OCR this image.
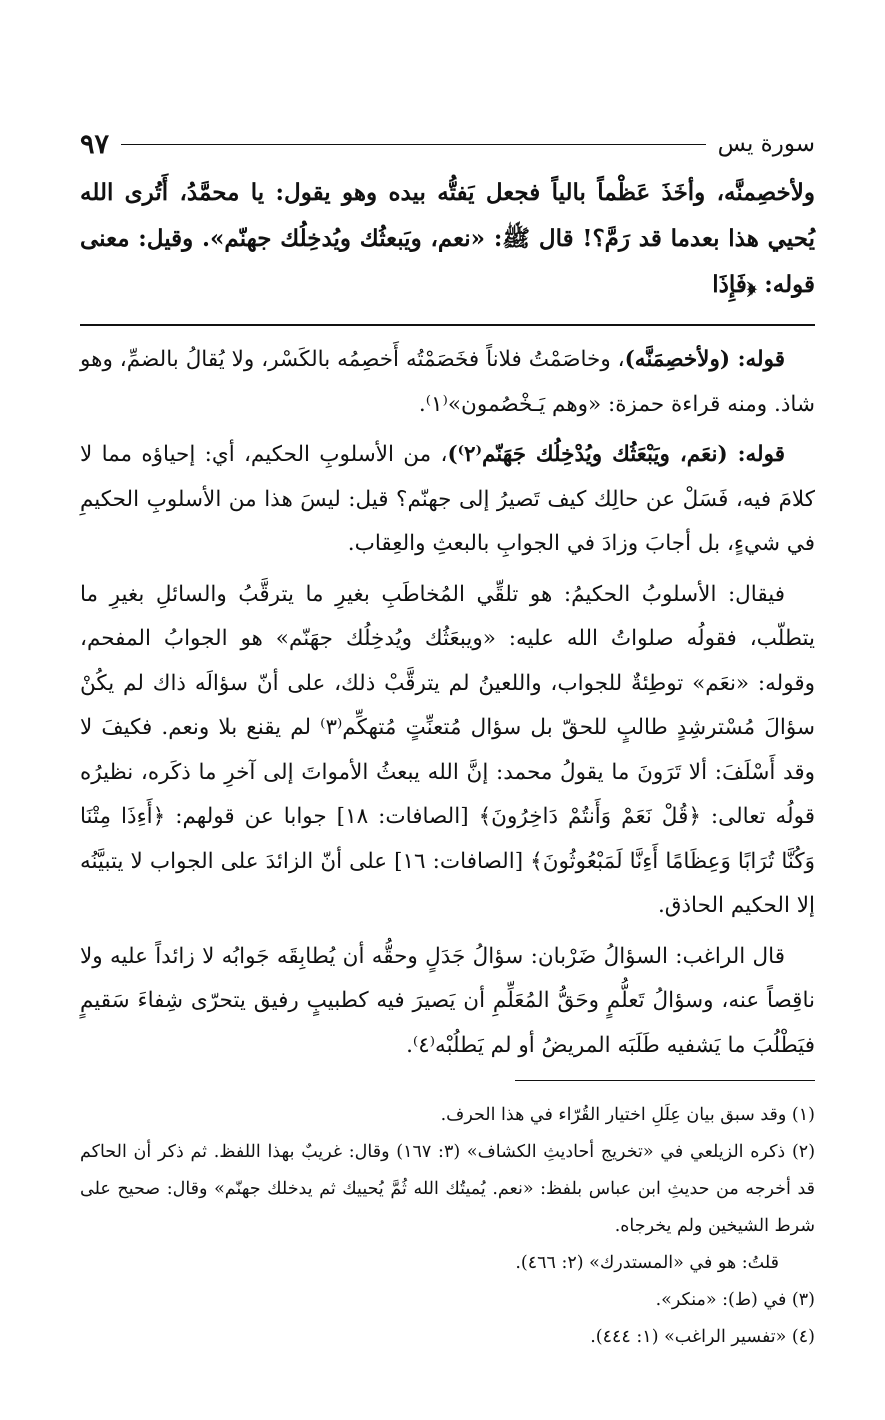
سورة يس
٩٧

ولأخصِمنَّه، وأخَذَ عَظْماً بالياً فجعل يَفتُّه بيده وهو يقول: يا محمَّدُ، أَتُرى الله يُحيي هذا بعدما قد رَمَّ؟! قال ﷺ: «نعم، ويَبعثُك ويُدخِلُك جهنّم». وقيل: معنى قوله: ﴿فَإِذَا

قوله: (ولأخصِمَنَّه)، وخاصَمْتُ فلاناً فخَصَمْتُه أَخصِمُه بالكَسْر، ولا يُقالُ بالضمِّ، وهو شاذ. ومنه قراءة حمزة: «وهم يَـخْصُمون»⁽١⁾.

قوله: (نعَم، ويَبْعَثُك ويُدْخِلُك جَهَنّم⁽٢⁾)، من الأسلوبِ الحكيم، أي: إحياؤه مما لا كلامَ فيه، فَسَلْ عن حالِك كيف تَصيرُ إلى جهنّم؟ قيل: ليسَ هذا من الأسلوبِ الحكيمِ في شيءٍ، بل أجابَ وزادَ في الجوابِ بالبعثِ والعِقاب.

فيقال: الأسلوبُ الحكيمُ: هو تلقِّي المُخاطَبِ بغيرِ ما يترقَّبُ والسائلِ بغيرِ ما يتطلّب، فقولُه صلواتُ الله عليه: «ويبعَثُك ويُدخِلُك جهَنّم» هو الجوابُ المفحم، وقوله: «نعَم» توطِئةٌ للجواب، واللعينُ لم يترقَّبْ ذلك، على أنّ سؤالَه ذاك لم يكُنْ سؤالَ مُسْترشِدٍ طالبٍ للحقّ بل سؤال مُتعنِّتٍ مُتهكِّم⁽٣⁾ لم يقنع بلا ونعم. فكيفَ لا وقد أَسْلَفَ: ألا تَرَونَ ما يقولُ محمد: إنَّ الله يبعثُ الأمواتَ إلى آخرِ ما ذكَره، نظيرُه قولُه تعالى: ﴿قُلْ نَعَمْ وَأَنتُمْ دَاخِرُونَ﴾ [الصافات: ١٨] جوابا عن قولهم: ﴿أَءِذَا مِتْنَا وَكُنَّا تُرَابًا وَعِظَامًا أَءِنَّا لَمَبْعُوثُونَ﴾ [الصافات: ١٦] على أنّ الزائدَ على الجواب لا يتبيَّنُه إلا الحكيم الحاذق.

قال الراغب: السؤالُ ضَرْبان: سؤالُ جَدَلٍ وحقُّه أن يُطابِقَه جَوابُه لا زائداً عليه ولا ناقِصاً عنه، وسؤالُ تَعلُّمٍ وحَقُّ المُعَلِّمِ أن يَصيرَ فيه كطبيبٍ رفيق يتحرّى شِفاءَ سَقيمٍ فيَطْلُبَ ما يَشفيه طَلَبَه المريضُ أو لم يَطلُبْه⁽٤⁾.

(١) وقد سبق بيان عِلَلِ اختيار القُرّاء في هذا الحرف.

(٢) ذكره الزيلعي في «تخريج أحاديثِ الكشاف» (٣: ١٦٧) وقال: غريبٌ بهذا اللفظ. ثم ذكر أن الحاكم قد أخرجه من حديثِ ابن عباس بلفظ: «نعم. يُميتُك الله ثُمَّ يُحييك ثم يدخلك جهنّم» وقال: صحيح على شرط الشيخين ولم يخرجاه.

قلتُ: هو في «المستدرك» (٢: ٤٦٦).

(٣) في (ط): «منكر».

(٤) «تفسير الراغب» (١: ٤٤٤).
